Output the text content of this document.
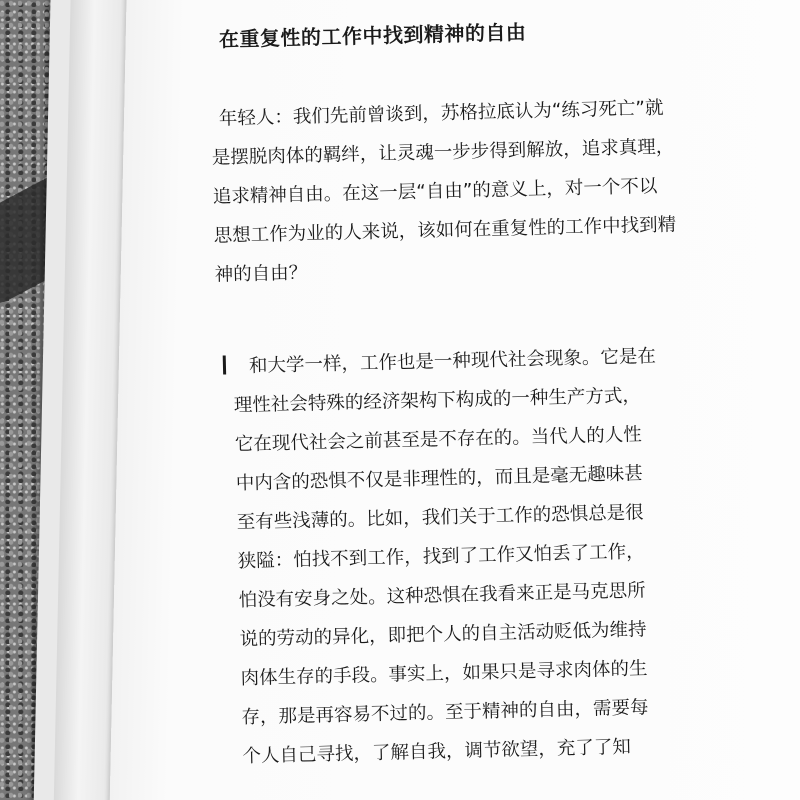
在重复性的工作中找到精神的自由
年轻人：我们先前曾谈到，苏格拉底认为“练习死亡”就
是摆脱肉体的羁绊，让灵魂一步步得到解放，追求真理，
追求精神自由。在这一层“自由”的意义上，对一个不以
思想工作为业的人来说，该如何在重复性的工作中找到精
神的自由？
和大学一样，工作也是一种现代社会现象。它是在
理性社会特殊的经济架构下构成的一种生产方式，
它在现代社会之前甚至是不存在的。当代人的人性
中内含的恐惧不仅是非理性的，而且是毫无趣味甚
至有些浅薄的。比如，我们关于工作的恐惧总是很
狭隘：怕找不到工作，找到了工作又怕丢了工作，
怕没有安身之处。这种恐惧在我看来正是马克思所
说的劳动的异化，即把个人的自主活动贬低为维持
肉体生存的手段。事实上，如果只是寻求肉体的生
存，那是再容易不过的。至于精神的自由，需要每
个人自己寻找，了解自我，调节欲望，充了了知
